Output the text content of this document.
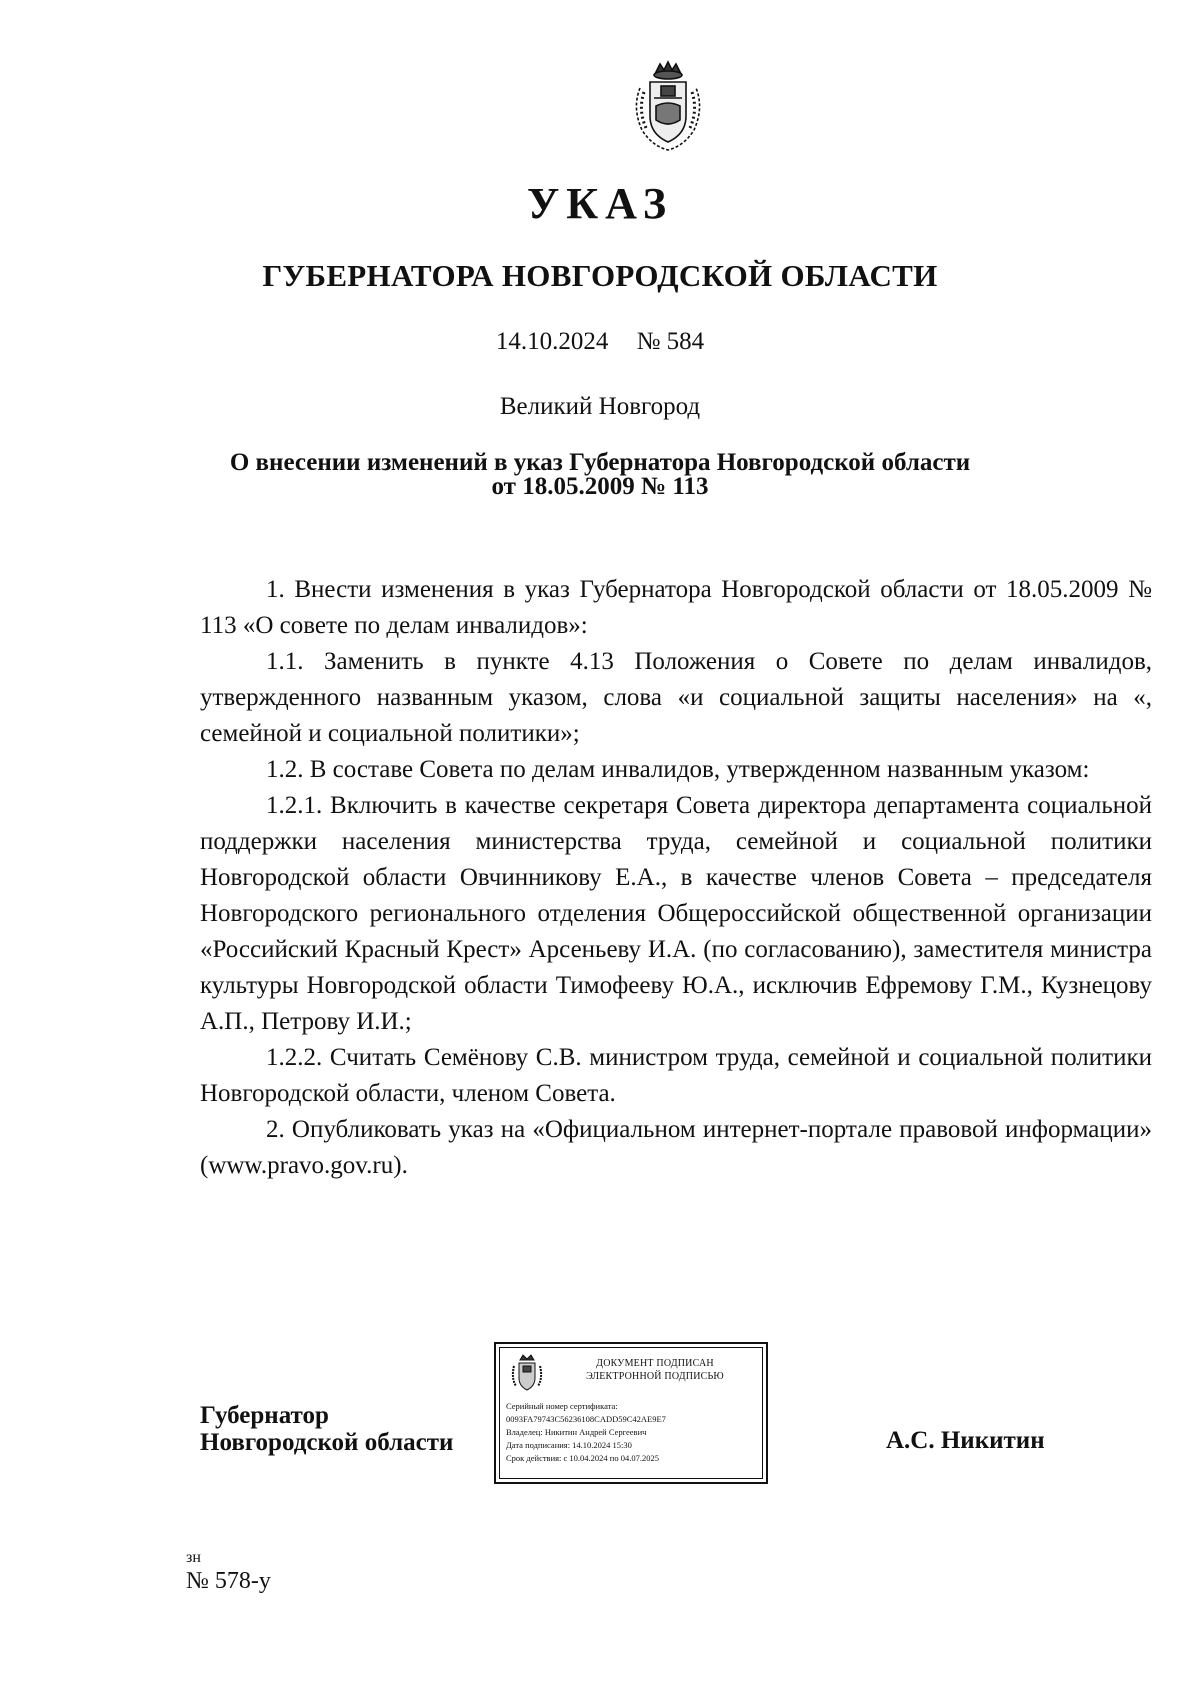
УКАЗ
ГУБЕРНАТОРА НОВГОРОДСКОЙ ОБЛАСТИ
14.10.2024 № 584
Великий Новгород
О внесении изменений в указ Губернатора Новгородской области
от 18.05.2009 № 113

1. Внести изменения в указ Губернатора Новгородской области от 18.05.2009 № 113 «О совете по делам инвалидов»:

1.1. Заменить в пункте 4.13 Положения о Совете по делам инвалидов, утвержденного названным указом, слова «и социальной защиты населения» на «, семейной и социальной политики»;

1.2. В составе Совета по делам инвалидов, утвержденном названным указом:

1.2.1. Включить в качестве секретаря Совета директора департамента социальной поддержки населения министерства труда, семейной и социальной политики Новгородской области Овчинникову Е.А., в качестве членов Совета – председателя Новгородского регионального отделения Общероссийской общественной организации «Российский Красный Крест» Арсеньеву И.А. (по согласованию), заместителя министра культуры Новгородской области Тимофееву Ю.А., исключив Ефремову Г.М., Кузнецову А.П., Петрову И.И.;

1.2.2. Считать Семёнову С.В. министром труда, семейной и социальной политики Новгородской области, членом Совета.

2. Опубликовать указ на «Официальном интернет-портале правовой информации» (www.pravo.gov.ru).

Губернатор
Новгородской области
ДОКУМЕНТ ПОДПИСАН
ЭЛЕКТРОННОЙ ПОДПИСЬЮ
Серийный номер сертификата:
0093FA79743C56236108CADD59C42AE9E7
Владелец: Никитин Андрей Сергеевич
Дата подписания: 14.10.2024 15:30
Срок действия: с 10.04.2024 по 04.07.2025
А.С. Никитин
зн
№ 578-у
